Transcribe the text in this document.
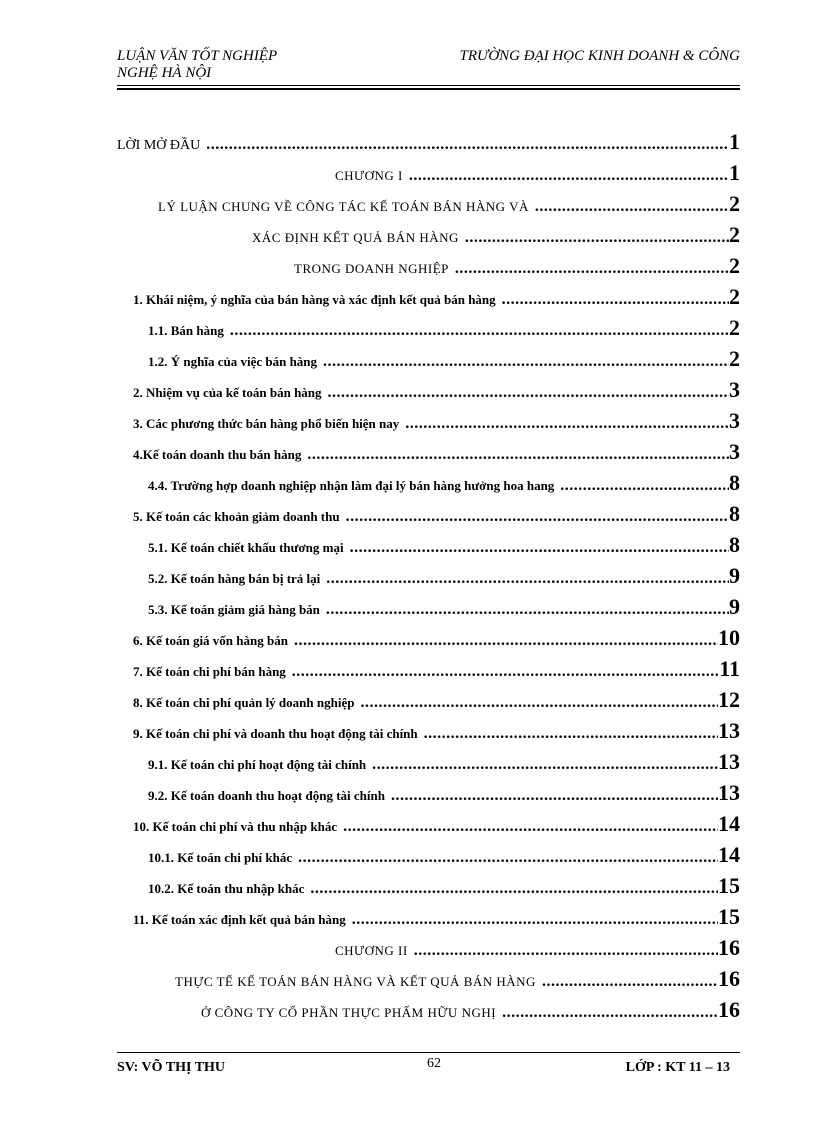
LUẬN VĂN TỐT NGHIỆP
NGHỆ HÀ NỘI
TRƯỜNG ĐẠI HỌC KINH DOANH & CÔNG
LỜI MỞ ĐẦU .....	1
CHƯƠNG I .....	1
LÝ LUẬN CHUNG VỀ CÔNG TÁC KẾ TOÁN BÁN HÀNG VÀ .....	2
XÁC ĐỊNH KẾT QUẢ BÁN HÀNG .....	2
TRONG DOANH NGHIỆP .....	2
1. Khái niệm, ý nghĩa của bán hàng và xác định kết quả bán hàng .....	2
1.1. Bán hàng .....	2
1.2. Ý nghĩa của việc bán hàng .....	2
2. Nhiệm vụ của kế toán bán hàng .....	3
3. Các phương thức bán hàng phổ biến hiện nay .....	3
4.Kế toán doanh thu bán hàng .....	3
4.4. Trường hợp doanh nghiệp nhận làm đại lý bán hàng hưởng hoa hang .....	8
5. Kế toán các khoản giảm doanh thu .....	8
5.1. Kế toán chiết khấu thương mại .....	8
5.2. Kế toán hàng bán bị trả lại .....	9
5.3. Kế toán giảm giá hàng bán .....	9
6. Kế toán giá vốn hàng bán .....	10
7. Kế toán chi phí bán hàng .....	11
8. Kế toán chi phí quản lý doanh nghiệp .....	12
9. Kế toán chi phí và doanh thu hoạt động tài chính .....	13
9.1. Kế toán chi phí hoạt động tài chính .....	13
9.2. Kế toán doanh thu hoạt động tài chính .....	13
10. Kế toán chi phí và thu nhập khác .....	14
10.1. Kế toán chi phí khác .....	14
10.2. Kế toán thu nhập khác .....	15
11. Kế toán xác định kết quả bán hàng .....	15
CHƯƠNG II .....	16
THỰC TẾ KẾ TOÁN BÁN HÀNG VÀ KẾT QUẢ BÁN HÀNG .....	16
Ở CÔNG TY CỔ PHẦN THỰC PHẨM HỮU NGHỊ .....	16
SV: VÕ THỊ THU	62	LỚP : KT 11 – 13
